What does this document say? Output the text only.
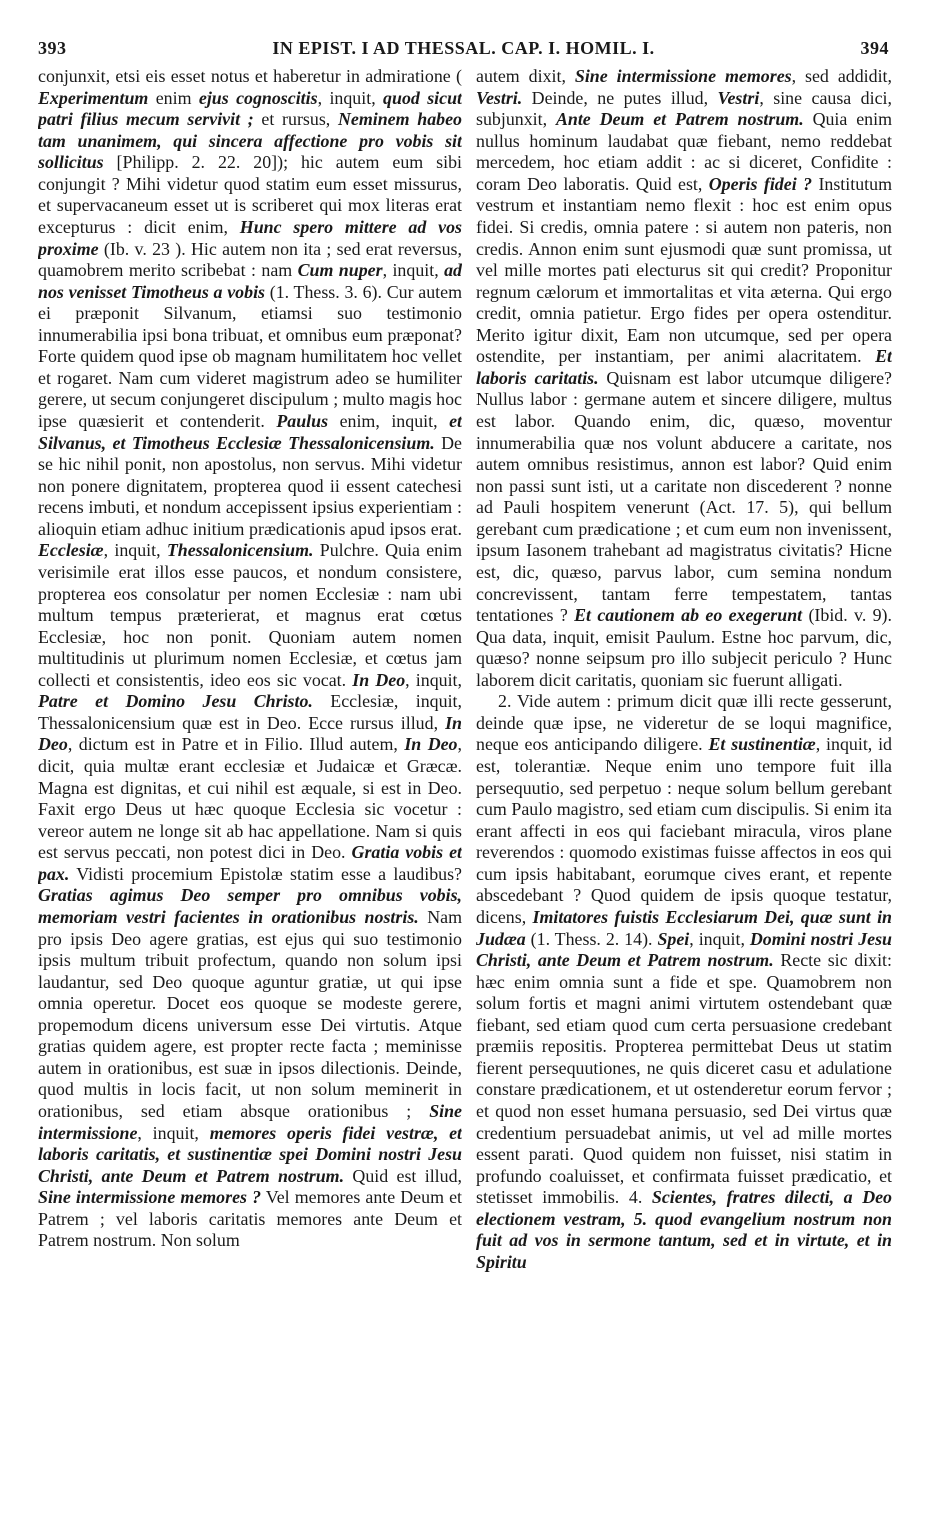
393	IN EPIST. I AD THESSAL. CAP. I. HOMIL. I.	394

conjunxit, etsi eis esset notus et haberetur in admiratione ( Experimentum enim ejus cognoscitis, inquit, quod sicut patri filius mecum servivit ; et rursus, Neminem habeo tam unanimem, qui sincera affectione pro vobis sit sollicitus [Philipp. 2. 22. 20]); hic autem eum sibi conjungit ? Mihi videtur quod statim eum esset missurus, et supervacaneum esset ut is scriberet qui mox literas erat excepturus : dicit enim, Hunc spero mittere ad vos proxime (Ib. v. 23 ). Hic autem non ita ; sed erat reversus, quamobrem merito scribebat : nam Cum nuper, inquit, ad nos venisset Timotheus a vobis (1. Thess. 3. 6). Cur autem ei præponit Silvanum, etiamsi suo testimonio innumerabilia ipsi bona tribuat, et omnibus eum præponat? Forte quidem quod ipse ob magnam humilitatem hoc vellet et rogaret. Nam cum videret magistrum adeo se humiliter gerere, ut secum conjungeret discipulum ; multo magis hoc ipse quæsierit et contenderit. Paulus enim, inquit, et Silvanus, et Timotheus Ecclesiæ Thessalonicensium. De se hic nihil ponit, non apostolus, non servus. Mihi videtur non ponere dignitatem, propterea quod ii essent catechesi recens imbuti, et nondum accepissent ipsius experientiam : alioquin etiam adhuc initium prædicationis apud ipsos erat. Ecclesiæ, inquit, Thessalonicensium. Pulchre. Quia enim verisimile erat illos esse paucos, et nondum consistere, propterea eos consolatur per nomen Ecclesiæ : nam ubi multum tempus præterierat, et magnus erat cœtus Ecclesiæ, hoc non ponit. Quoniam autem nomen multitudinis ut plurimum nomen Ecclesiæ, et cœtus jam collecti et consistentis, ideo eos sic vocat. In Deo, inquit, Patre et Domino Jesu Christo. Ecclesiæ, inquit, Thessalonicensium quæ est in Deo. Ecce rursus illud, In Deo, dictum est in Patre et in Filio. Illud autem, In Deo, dicit, quia multæ erant ecclesiæ et Judaicæ et Græcæ. Magna est dignitas, et cui nihil est æquale, si est in Deo. Faxit ergo Deus ut hæc quoque Ecclesia sic vocetur : vereor autem ne longe sit ab hac appellatione. Nam si quis est servus peccati, non potest dici in Deo. Gratia vobis et pax. Vidisti procemium Epistolæ statim esse a laudibus? Gratias agimus Deo semper pro omnibus vobis, memoriam vestri facientes in orationibus nostris. Nam pro ipsis Deo agere gratias, est ejus qui suo testimonio ipsis multum tribuit profectum, quando non solum ipsi laudantur, sed Deo quoque aguntur gratiæ, ut qui ipse omnia operetur. Docet eos quoque se modeste gerere, propemodum dicens universum esse Dei virtutis. Atque gratias quidem agere, est propter recte facta ; meminisse autem in orationibus, est suæ in ipsos dilectionis. Deinde, quod multis in locis facit, ut non solum meminerit in orationibus, sed etiam absque orationibus ; Sine intermissione, inquit, memores operis fidei vestræ, et laboris caritatis, et sustinentiæ spei Domini nostri Jesu Christi, ante Deum et Patrem nostrum. Quid est illud, Sine intermissione memores ? Vel memores ante Deum et Patrem ; vel laboris caritatis memores ante Deum et Patrem nostrum. Non solum

autem dixit, Sine intermissione memores, sed addidit, Vestri. Deinde, ne putes illud, Vestri, sine causa dici, subjunxit, Ante Deum et Patrem nostrum. Quia enim nullus hominum laudabat quæ fiebant, nemo reddebat mercedem, hoc etiam addit : ac si diceret, Confidite : coram Deo laboratis. Quid est, Operis fidei ? Institutum vestrum et instantiam nemo flexit : hoc est enim opus fidei. Si credis, omnia patere : si autem non pateris, non credis. Annon enim sunt ejusmodi quæ sunt promissa, ut vel mille mortes pati electurus sit qui credit? Proponitur regnum cælorum et immortalitas et vita æterna. Qui ergo credit, omnia patietur. Ergo fides per opera ostenditur. Merito igitur dixit, Eam non utcumque, sed per opera ostendite, per instantiam, per animi alacritatem. Et laboris caritatis. Quisnam est labor utcumque diligere? Nullus labor : germane autem et sincere diligere, multus est labor. Quando enim, dic, quæso, moventur innumerabilia quæ nos volunt abducere a caritate, nos autem omnibus resistimus, annon est labor? Quid enim non passi sunt isti, ut a caritate non discederent ? nonne ad Pauli hospitem venerunt (Act. 17. 5), qui bellum gerebant cum prædicatione ; et cum eum non invenissent, ipsum Iasonem trahebant ad magistratus civitatis? Hicne est, dic, quæso, parvus labor, cum semina nondum concrevissent, tantam ferre tempestatem, tantas tentationes ? Et cautionem ab eo exegerunt (Ibid. v. 9). Qua data, inquit, emisit Paulum. Estne hoc parvum, dic, quæso? nonne seipsum pro illo subjecit periculo ? Hunc laborem dicit caritatis, quoniam sic fuerunt alligati.

2. Vide autem : primum dicit quæ illi recte gesserunt, deinde quæ ipse, ne videretur de se loqui magnifice, neque eos anticipando diligere. Et sustinentiæ, inquit, id est, tolerantiæ. Neque enim uno tempore fuit illa persequutio, sed perpetuo : neque solum bellum gerebant cum Paulo magistro, sed etiam cum discipulis. Si enim ita erant affecti in eos qui faciebant miracula, viros plane reverendos : quomodo existimas fuisse affectos in eos qui cum ipsis habitabant, eorumque cives erant, et repente abscedebant ? Quod quidem de ipsis quoque testatur, dicens, Imitatores fuistis Ecclesiarum Dei, quæ sunt in Judæa (1. Thess. 2. 14). Spei, inquit, Domini nostri Jesu Christi, ante Deum et Patrem nostrum. Recte sic dixit: hæc enim omnia sunt a fide et spe. Quamobrem non solum fortis et magni animi virtutem ostendebant quæ fiebant, sed etiam quod cum certa persuasione credebant præmiis repositis. Propterea permittebat Deus ut statim fierent persequutiones, ne quis diceret casu et adulatione constare prædicationem, et ut ostenderetur eorum fervor ; et quod non esset humana persuasio, sed Dei virtus quæ credentium persuadebat animis, ut vel ad mille mortes essent parati. Quod quidem non fuisset, nisi statim in profundo coaluisset, et confirmata fuisset prædicatio, et stetisset immobilis. 4. Scientes, fratres dilecti, a Deo electionem vestram, 5. quod evangelium nostrum non fuit ad vos in sermone tantum, sed et in virtute, et in Spiritu
